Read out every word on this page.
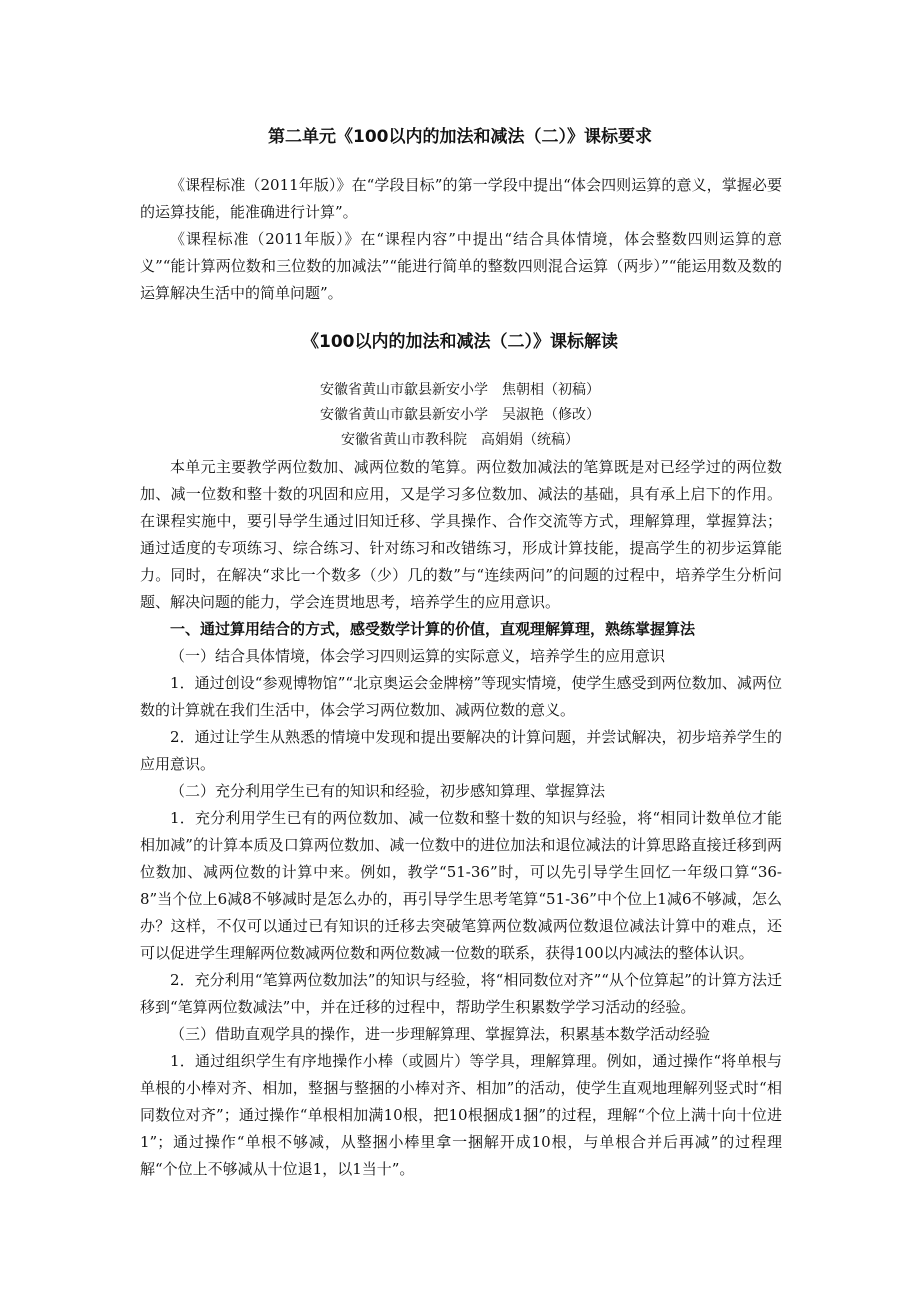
第二单元《100以内的加法和减法（二）》课标要求

《课程标准（2011年版）》在“学段目标”的第一学段中提出“体会四则运算的意义，掌握必要的运算技能，能准确进行计算”。

《课程标准（2011年版）》在“课程内容”中提出“结合具体情境，体会整数四则运算的意义”“能计算两位数和三位数的加减法”“能进行简单的整数四则混合运算（两步）”“能运用数及数的运算解决生活中的简单问题”。

《100以内的加法和减法（二）》课标解读

安徽省黄山市歙县新安小学 焦朝相（初稿）

安徽省黄山市歙县新安小学 吴淑艳（修改）

安徽省黄山市教科院 高娟娟（统稿）

本单元主要教学两位数加、减两位数的笔算。两位数加减法的笔算既是对已经学过的两位数加、减一位数和整十数的巩固和应用，又是学习多位数加、减法的基础，具有承上启下的作用。在课程实施中，要引导学生通过旧知迁移、学具操作、合作交流等方式，理解算理，掌握算法；通过适度的专项练习、综合练习、针对练习和改错练习，形成计算技能，提高学生的初步运算能力。同时，在解决“求比一个数多（少）几的数”与“连续两问”的问题的过程中，培养学生分析问题、解决问题的能力，学会连贯地思考，培养学生的应用意识。

一、通过算用结合的方式，感受数学计算的价值，直观理解算理，熟练掌握算法

（一）结合具体情境，体会学习四则运算的实际意义，培养学生的应用意识

1．通过创设“参观博物馆”“北京奥运会金牌榜”等现实情境，使学生感受到两位数加、减两位数的计算就在我们生活中，体会学习两位数加、减两位数的意义。

2．通过让学生从熟悉的情境中发现和提出要解决的计算问题，并尝试解决，初步培养学生的应用意识。

（二）充分利用学生已有的知识和经验，初步感知算理、掌握算法

1．充分利用学生已有的两位数加、减一位数和整十数的知识与经验，将“相同计数单位才能相加减”的计算本质及口算两位数加、减一位数中的进位加法和退位减法的计算思路直接迁移到两位数加、减两位数的计算中来。例如，教学“51-36”时，可以先引导学生回忆一年级口算“36-8”当个位上6减8不够减时是怎么办的，再引导学生思考笔算“51-36”中个位上1减6不够减，怎么办？这样，不仅可以通过已有知识的迁移去突破笔算两位数减两位数退位减法计算中的难点，还可以促进学生理解两位数减两位数和两位数减一位数的联系，获得100以内减法的整体认识。

2．充分利用“笔算两位数加法”的知识与经验，将“相同数位对齐”“从个位算起”的计算方法迁移到“笔算两位数减法”中，并在迁移的过程中，帮助学生积累数学学习活动的经验。

（三）借助直观学具的操作，进一步理解算理、掌握算法，积累基本数学活动经验

1．通过组织学生有序地操作小棒（或圆片）等学具，理解算理。例如，通过操作“将单根与单根的小棒对齐、相加，整捆与整捆的小棒对齐、相加”的活动，使学生直观地理解列竖式时“相同数位对齐”；通过操作“单根相加满10根，把10根捆成1捆”的过程，理解“个位上满十向十位进1”；通过操作“单根不够减，从整捆小棒里拿一捆解开成10根，与单根合并后再减”的过程理解“个位上不够减从十位退1，以1当十”。
